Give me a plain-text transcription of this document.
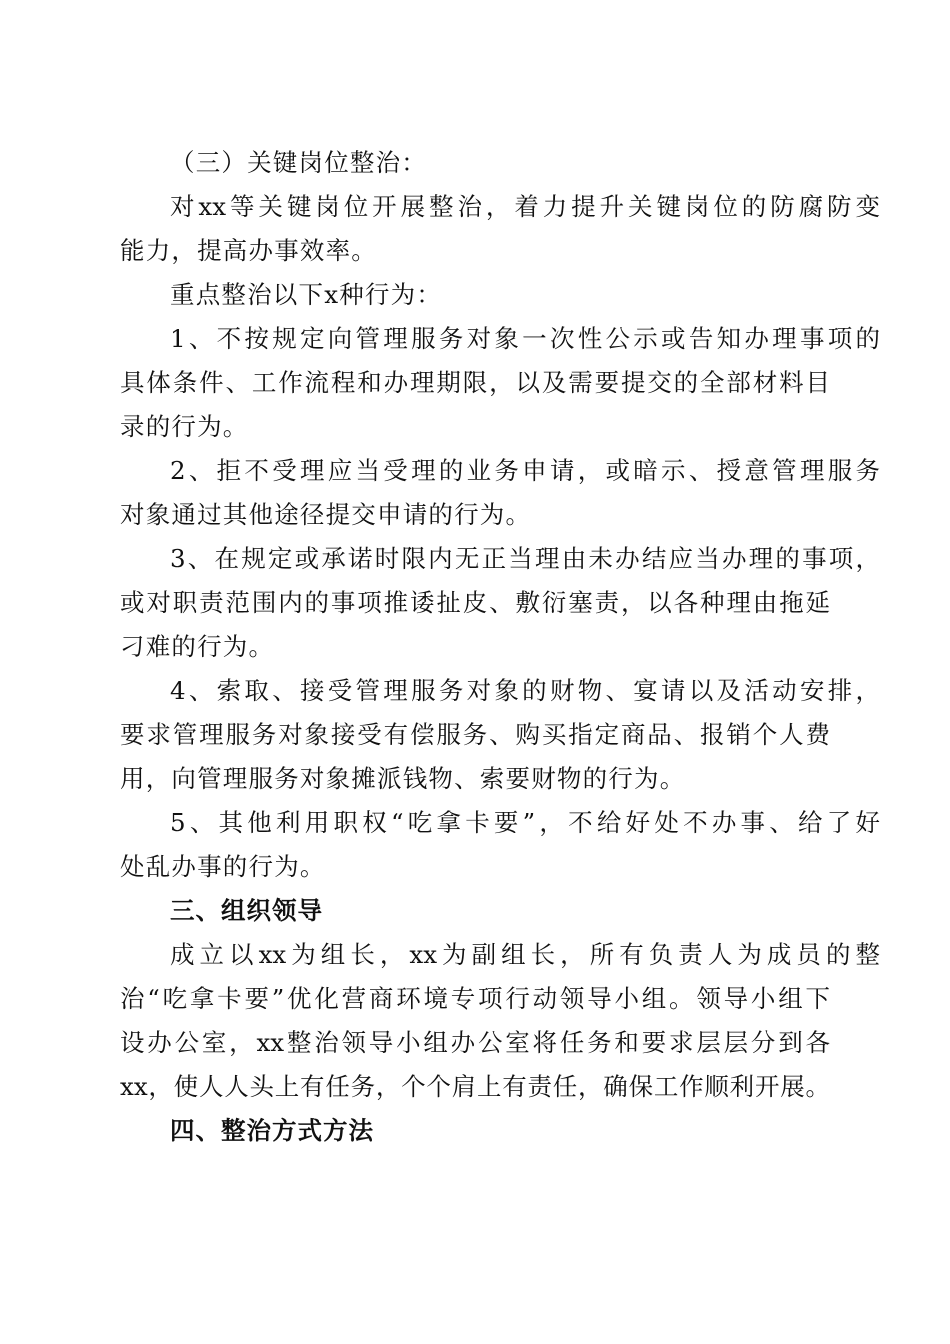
（三）关键岗位整治：
对xx等关键岗位开展整治，着力提升关键岗位的防腐防变
能力，提高办事效率。
重点整治以下x种行为：
1、不按规定向管理服务对象一次性公示或告知办理事项的
具体条件、工作流程和办理期限，以及需要提交的全部材料目
录的行为。
2、拒不受理应当受理的业务申请，或暗示、授意管理服务
对象通过其他途径提交申请的行为。
3、在规定或承诺时限内无正当理由未办结应当办理的事项，
或对职责范围内的事项推诿扯皮、敷衍塞责，以各种理由拖延
刁难的行为。
4、索取、接受管理服务对象的财物、宴请以及活动安排，
要求管理服务对象接受有偿服务、购买指定商品、报销个人费
用，向管理服务对象摊派钱物、索要财物的行为。
5、其他利用职权“吃拿卡要”，不给好处不办事、给了好
处乱办事的行为。
三、组织领导
成立以xx为组长，xx为副组长，所有负责人为成员的整
治“吃拿卡要”优化营商环境专项行动领导小组。领导小组下
设办公室，xx整治领导小组办公室将任务和要求层层分到各
xx，使人人头上有任务，个个肩上有责任，确保工作顺利开展。
四、整治方式方法
